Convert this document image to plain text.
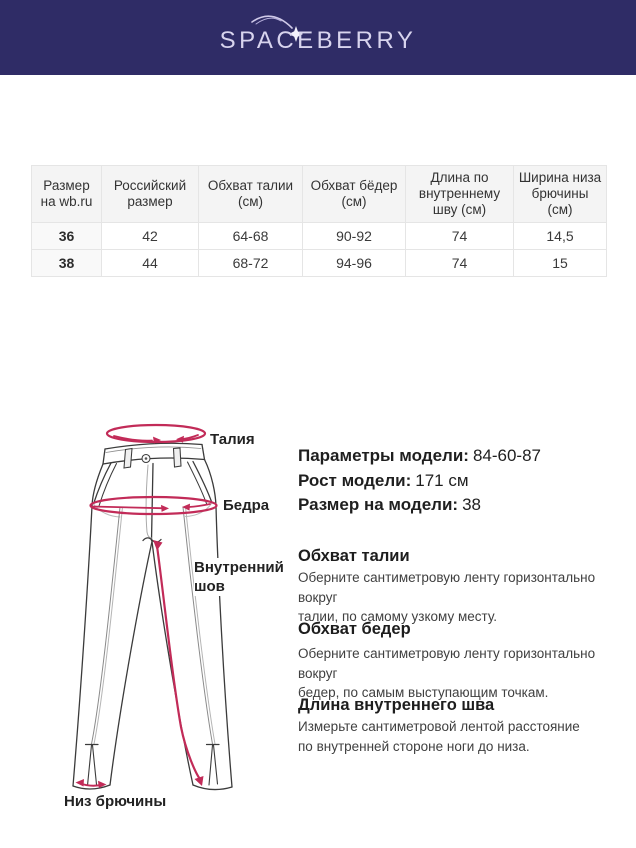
SPACEBERRY
Размер на wb.ru	Российский размер	Обхват талии (см)	Обхват бёдер (см)	Длина по внутреннему шву (см)	Ширина низа брючины (см)
36	42	64-68	90-92	74	14,5
38	44	68-72	94-96	74	15
Талия
Бедра
Внутренний шов
Низ брючины
Параметры модели: 84-60-87
Рост модели: 171 см
Размер на модели: 38
Обхват талии
Оберните сантиметровую ленту горизонтально вокруг
талии, по самому узкому месту.
Обхват бедер
Оберните сантиметровую ленту горизонтально вокруг
бедер, по самым выступающим точкам.
Длина внутреннего шва
Измерьте сантиметровой лентой расстояние
по внутренней стороне ноги до низа.
